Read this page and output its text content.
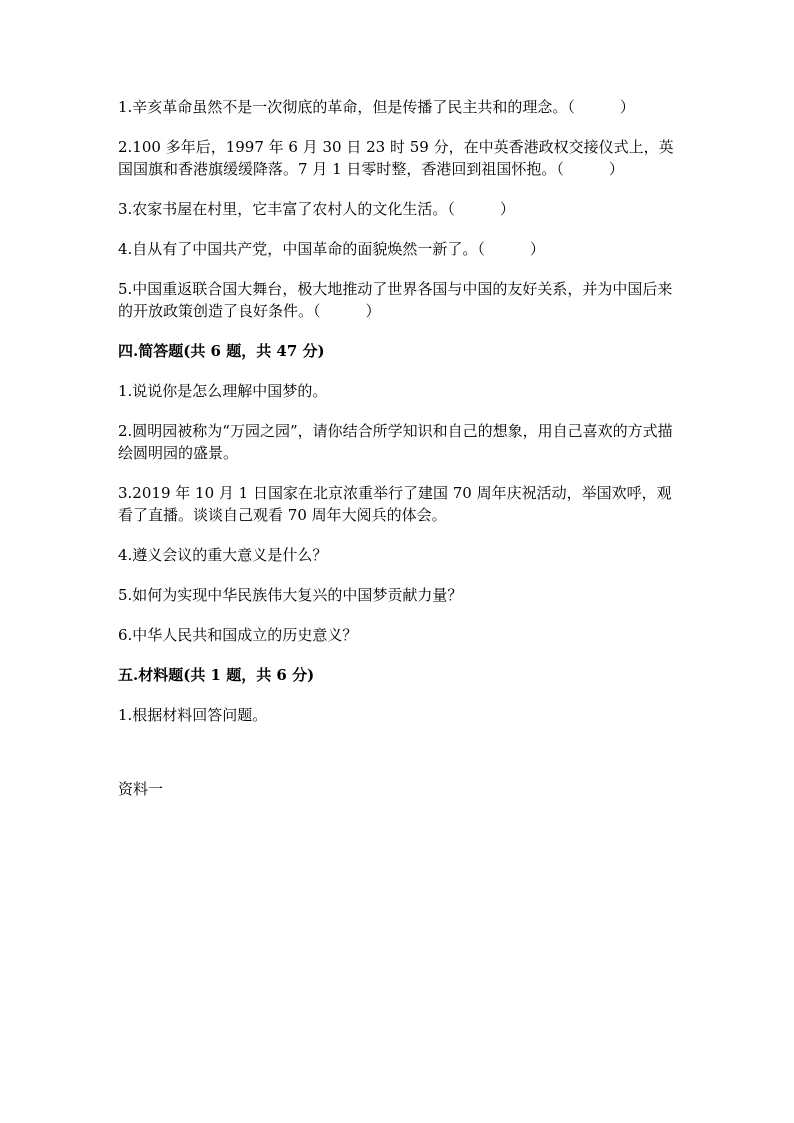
1.辛亥革命虽然不是一次彻底的革命，但是传播了民主共和的理念。（　　　）

2.100 多年后，1997 年 6 月 30 日 23 时 59 分，在中英香港政权交接仪式上，英国国旗和香港旗缓缓降落。7 月 1 日零时整，香港回到祖国怀抱。（　　　）

3.农家书屋在村里，它丰富了农村人的文化生活。（　　　）

4.自从有了中国共产党，中国革命的面貌焕然一新了。（　　　）

5.中国重返联合国大舞台，极大地推动了世界各国与中国的友好关系，并为中国后来的开放政策创造了良好条件。（　　　）

四.简答题(共 6 题，共 47 分)

1.说说你是怎么理解中国梦的。

2.圆明园被称为“万园之园”，请你结合所学知识和自己的想象，用自己喜欢的方式描绘圆明园的盛景。

3.2019 年 10 月 1 日国家在北京浓重举行了建国 70 周年庆祝活动，举国欢呼，观看了直播。谈谈自己观看 70 周年大阅兵的体会。

4.遵义会议的重大意义是什么？

5.如何为实现中华民族伟大复兴的中国梦贡献力量？

6.中华人民共和国成立的历史意义？

五.材料题(共 1 题，共 6 分)

1.根据材料回答问题。

资料一
